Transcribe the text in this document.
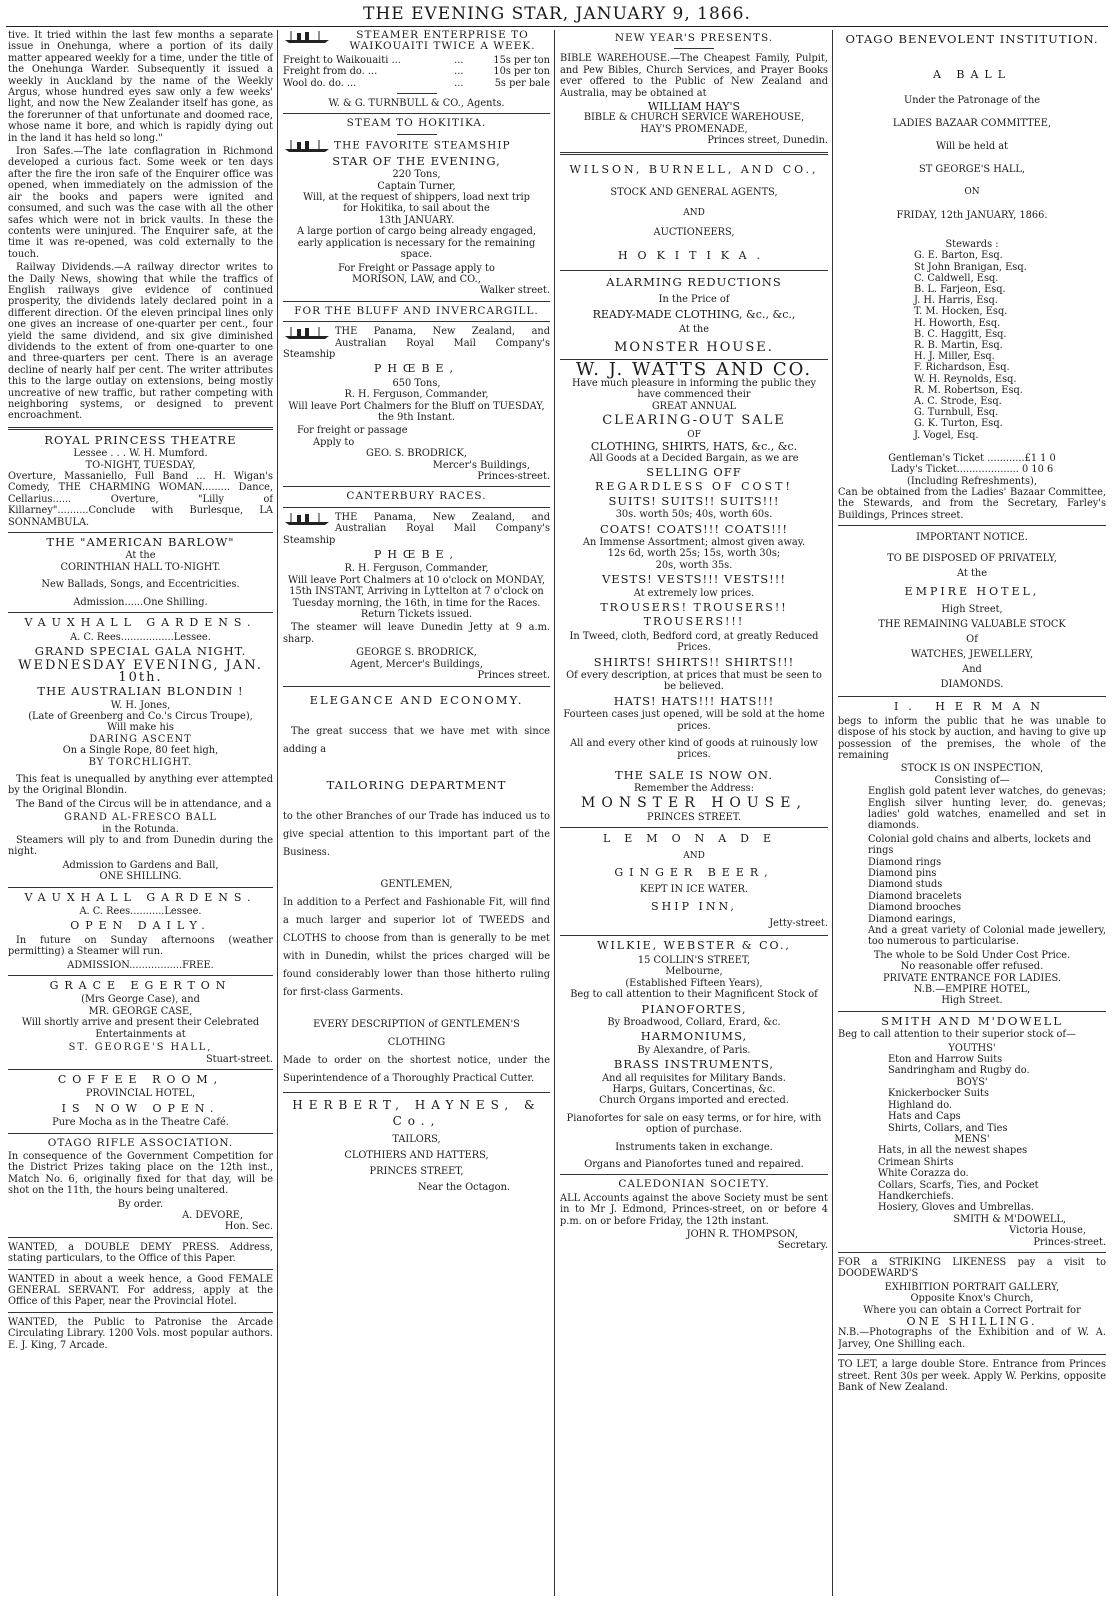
THE EVENING STAR, JANUARY 9, 1866.

tive. It tried within the last few months a separate issue in Onehunga, where a portion of its daily matter appeared weekly for a time, under the title of the Onehunga Warder. Subsequently it issued a weekly in Auckland by the name of the Weekly Argus, whose hundred eyes saw only a few weeks' light, and now the New Zealander itself has gone, as the forerunner of that unfortunate and doomed race, whose name it bore, and which is rapidly dying out in the land it has held so long."

Iron Safes.—The late conflagration in Richmond developed a curious fact. Some week or ten days after the fire the iron safe of the Enquirer office was opened, when immediately on the admission of the air the books and papers were ignited and consumed, and such was the case with all the other safes which were not in brick vaults. In these the contents were uninjured. The Enquirer safe, at the time it was re-opened, was cold externally to the touch.

Railway Dividends.—A railway director writes to the Daily News, showing that while the traffics of English railways give evidence of continued prosperity, the dividends lately declared point in a different direction. Of the eleven principal lines only one gives an increase of one-quarter per cent., four yield the same dividend, and six give diminished dividends to the extent of from one-quarter to one and three-quarters per cent. There is an average decline of nearly half per cent. The writer attributes this to the large outlay on extensions, being mostly uncreative of new traffic, but rather competing with neighboring systems, or designed to prevent encroachment.

ROYAL PRINCESS THEATRE
Lessee . . . W. H. Mumford.
TO-NIGHT, TUESDAY,

Overture, Massaniello, Full Band ... H. Wigan's Comedy, THE CHARMING WOMAN......... Dance, Cellarius...... Overture, "Lilly of Killarney"..........Conclude with Burlesque, LA SONNAMBULA.

THE "AMERICAN BARLOW"
At the
CORINTHIAN HALL TO-NIGHT.
New Ballads, Songs, and Eccentricities.
Admission......One Shilling.
VAUXHALL GARDENS.
A. C. Rees.................Lessee.
GRAND SPECIAL GALA NIGHT.
WEDNESDAY EVENING, JAN. 10th.
THE AUSTRALIAN BLONDIN !
W. H. Jones,
(Late of Greenberg and Co.'s Circus Troupe),
Will make his
DARING ASCENT
On a Single Rope, 80 feet high,
BY TORCHLIGHT.

This feat is unequalled by anything ever attempted by the Original Blondin.

The Band of the Circus will be in attendance, and a

GRAND AL-FRESCO BALL
in the Rotunda.

Steamers will ply to and from Dunedin during the night.

Admission to Gardens and Ball,
ONE SHILLING.
VAUXHALL GARDENS.
A. C. Rees...........Lessee.
OPEN DAILY.

In future on Sunday afternoons (weather permitting) a Steamer will run.

ADMISSION.................FREE.
GRACE EGERTON
(Mrs George Case), and
MR. GEORGE CASE,

Will shortly arrive and present their Celebrated Entertainments at

ST. GEORGE'S HALL,
Stuart-street.
COFFEE ROOM,
PROVINCIAL HOTEL,
IS NOW OPEN.
Pure Mocha as in the Theatre Café.
OTAGO RIFLE ASSOCIATION.

In consequence of the Government Competition for the District Prizes taking place on the 12th inst., Match No. 6, originally fixed for that day, will be shot on the 11th, the hours being unaltered.

By order.
A. DEVORE,
Hon. Sec.

WANTED, a DOUBLE DEMY PRESS. Address, stating particulars, to the Office of this Paper.

WANTED in about a week hence, a Good FEMALE GENERAL SERVANT. For address, apply at the Office of this Paper, near the Provincial Hotel.

WANTED, the Public to Patronise the Arcade Circulating Library. 1200 Vols. most popular authors. E. J. King, 7 Arcade.

STEAMER ENTERPRISE TO WAIKOUAITI TWICE A WEEK.
Freight to Waikouaiti ...	...	15s per ton
Freight from do. ...	...	10s per ton
Wool do. do. ...	...	5s per bale
W. & G. TURNBULL & CO., Agents.
STEAM TO HOKITIKA.
THE FAVORITE STEAMSHIP
STAR OF THE EVENING,
220 Tons,
Captain Turner,
Will, at the request of shippers, load next trip
for Hokitika, to sail about the
13th JANUARY.

A large portion of cargo being already engaged, early application is necessary for the remaining space.

For Freight or Passage apply to
MORISON, LAW, and CO.,
Walker street.
FOR THE BLUFF AND INVERCARGILL.

THE Panama, New Zealand, and Australian Royal Mail Company's Steamship

PHŒBE,
650 Tons,
R. H. Ferguson, Commander,

Will leave Port Chalmers for the Bluff on TUESDAY, the 9th Instant.

For freight or passage
Apply to
GEO. S. BRODRICK,
Mercer's Buildings,
Princes-street.
CANTERBURY RACES.

THE Panama, New Zealand, and Australian Royal Mail Company's Steamship

PHŒBE,
R. H. Ferguson, Commander,

Will leave Port Chalmers at 10 o'clock on MONDAY, 15th INSTANT, Arriving in Lyttelton at 7 o'clock on Tuesday morning, the 16th, in time for the Races. Return Tickets issued.

The steamer will leave Dunedin Jetty at 9 a.m. sharp.

GEORGE S. BRODRICK,
Agent, Mercer's Buildings,
Princes street.
ELEGANCE AND ECONOMY.

The great success that we have met with since adding a

TAILORING DEPARTMENT

to the other Branches of our Trade has induced us to give special attention to this important part of the Business.

GENTLEMEN,

In addition to a Perfect and Fashionable Fit, will find a much larger and superior lot of TWEEDS and CLOTHS to choose from than is generally to be met with in Dunedin, whilst the prices charged will be found considerably lower than those hitherto ruling for first-class Garments.

EVERY DESCRIPTION of GENTLEMEN'S CLOTHING

Made to order on the shortest notice, under the Superintendence of a Thoroughly Practical Cutter.

HERBERT, HAYNES, & Co.,
TAILORS,
CLOTHIERS AND HATTERS,
PRINCES STREET,
Near the Octagon.
NEW YEAR'S PRESENTS.

BIBLE WAREHOUSE.—The Cheapest Family, Pulpit, and Pew Bibles, Church Services, and Prayer Books ever offered to the Public of New Zealand and Australia, may be obtained at

WILLIAM HAY'S
BIBLE & CHURCH SERVICE WAREHOUSE,
HAY'S PROMENADE,
Princes street, Dunedin.
WILSON, BURNELL, AND CO.,
STOCK AND GENERAL AGENTS,
AND
AUCTIONEERS,
HOKITIKA.
ALARMING REDUCTIONS
In the Price of
READY-MADE CLOTHING, &c., &c.,
At the
MONSTER HOUSE.
W. J. WATTS AND CO.
Have much pleasure in informing the public they have commenced their
GREAT ANNUAL
CLEARING-OUT SALE
OF
CLOTHING, SHIRTS, HATS, &c., &c.
All Goods at a Decided Bargain, as we are
SELLING OFF
REGARDLESS OF COST!
SUITS! SUITS!! SUITS!!!
30s. worth 50s; 40s, worth 60s.
COATS! COATS!!! COATS!!!
An Immense Assortment; almost given away.
12s 6d, worth 25s; 15s, worth 30s;
20s, worth 35s.
VESTS! VESTS!!! VESTS!!!
At extremely low prices.
TROUSERS! TROUSERS!!
TROUSERS!!!
In Tweed, cloth, Bedford cord, at greatly Reduced Prices.
SHIRTS! SHIRTS!! SHIRTS!!!
Of every description, at prices that must be seen to be believed.
HATS! HATS!!! HATS!!!
Fourteen cases just opened, will be sold at the home prices.
All and every other kind of goods at ruinously low prices.
THE SALE IS NOW ON.
Remember the Address:
MONSTER HOUSE,
PRINCES STREET.
LEMONADE
AND
GINGER BEER,
KEPT IN ICE WATER.
SHIP INN,
Jetty-street.
WILKIE, WEBSTER & CO.,
15 COLLIN'S STREET,
Melbourne,
(Established Fifteen Years),
Beg to call attention to their Magnificent Stock of
PIANOFORTES,
By Broadwood, Collard, Erard, &c.
HARMONIUMS,
By Alexandre, of Paris.
BRASS INSTRUMENTS,
And all requisites for Military Bands.
Harps, Guitars, Concertinas, &c.
Church Organs imported and erected.
Pianofortes for sale on easy terms, or for hire, with option of purchase.
Instruments taken in exchange.
Organs and Pianofortes tuned and repaired.
CALEDONIAN SOCIETY.

ALL Accounts against the above Society must be sent in to Mr J. Edmond, Princes-street, on or before 4 p.m. on or before Friday, the 12th instant.

JOHN R. THOMPSON,
Secretary.
OTAGO BENEVOLENT INSTITUTION.
A BALL
Under the Patronage of the
LADIES BAZAAR COMMITTEE,
Will be held at
ST GEORGE'S HALL,
ON
FRIDAY, 12th JANUARY, 1866.
Stewards :
G. E. Barton, Esq.
St John Branigan, Esq.
C. Caldwell, Esq.
B. L. Farjeon, Esq.
J. H. Harris, Esq.
T. M. Hocken, Esq.
H. Howorth, Esq.
B. C. Haggitt, Esq.
R. B. Martin, Esq.
H. J. Miller, Esq.
F. Richardson, Esq.
W. H. Reynolds, Esq.
R. M. Robertson, Esq.
A. C. Strode, Esq.
G. Turnbull, Esq.
G. K. Turton, Esq.
J. Vogel, Esq.
Gentleman's Ticket ............£1 1 0
Lady's Ticket.................... 0 10 6
(Including Refreshments),

Can be obtained from the Ladies' Bazaar Committee, the Stewards, and from the Secretary, Farley's Buildings, Princes street.

IMPORTANT NOTICE.
TO BE DISPOSED OF PRIVATELY,
At the
EMPIRE HOTEL,
High Street,
THE REMAINING VALUABLE STOCK
Of
WATCHES, JEWELLERY,
And
DIAMONDS.
I. HERMAN

begs to inform the public that he was unable to dispose of his stock by auction, and having to give up possession of the premises, the whole of the remaining

STOCK IS ON INSPECTION,
Consisting of—

English gold patent lever watches, do genevas; English silver hunting lever, do. genevas; ladies' gold watches, enamelled and set in diamonds.

Colonial gold chains and alberts, lockets and rings
Diamond rings
Diamond pins
Diamond studs
Diamond bracelets
Diamond brooches
Diamond earings,

And a great variety of Colonial made jewellery, too numerous to particularise.

The whole to be Sold Under Cost Price.
No reasonable offer refused.
PRIVATE ENTRANCE FOR LADIES.
N.B.—EMPIRE HOTEL,
High Street.
SMITH AND M'DOWELL

Beg to call attention to their superior stock of—

YOUTHS'
Eton and Harrow Suits
Sandringham and Rugby do.
BOYS'
Knickerbocker Suits
Highland do.
Hats and Caps
Shirts, Collars, and Ties
MENS'
Hats, in all the newest shapes
Crimean Shirts
White Corazza do.
Collars, Scarfs, Ties, and Pocket Handkerchiefs.
Hosiery, Gloves and Umbrellas.
SMITH & M'DOWELL,
Victoria House,
Princes-street.

FOR a STRIKING LIKENESS pay a visit to DOODEWARD'S

EXHIBITION PORTRAIT GALLERY,
Opposite Knox's Church,
Where you can obtain a Correct Portrait for
ONE SHILLING.

N.B.—Photographs of the Exhibition and of W. A. Jarvey, One Shilling each.

TO LET, a large double Store. Entrance from Princes street. Rent 30s per week. Apply W. Perkins, opposite Bank of New Zealand.
